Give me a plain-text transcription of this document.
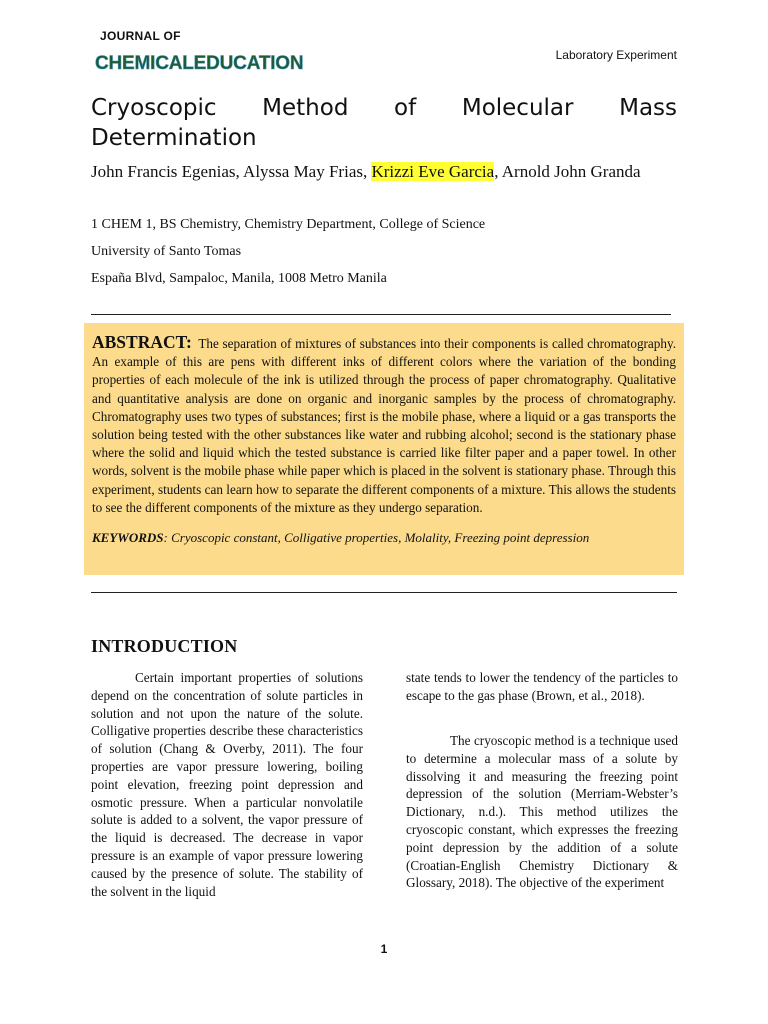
JOURNAL OF
CHEMICALEDUCATION	Laboratory Experiment
Cryoscopic Method of Molecular Mass Determination
John Francis Egenias, Alyssa May Frias, Krizzi Eve Garcia, Arnold John Granda
1 CHEM 1, BS Chemistry, Chemistry Department, College of Science
University of Santo Tomas
España Blvd, Sampaloc, Manila, 1008 Metro Manila

ABSTRACT: The separation of mixtures of substances into their components is called chromatography. An example of this are pens with different inks of different colors where the variation of the bonding properties of each molecule of the ink is utilized through the process of paper chromatography. Qualitative and quantitative analysis are done on organic and inorganic samples by the process of chromatography. Chromatography uses two types of substances; first is the mobile phase, where a liquid or a gas transports the solution being tested with the other substances like water and rubbing alcohol; second is the stationary phase where the solid and liquid which the tested substance is carried like filter paper and a paper towel. In other words, solvent is the mobile phase while paper which is placed in the solvent is stationary phase. Through this experiment, students can learn how to separate the different components of a mixture. This allows the students to see the different components of the mixture as they undergo separation.

KEYWORDS: Cryoscopic constant, Colligative properties, Molality, Freezing point depression

INTRODUCTION

Certain important properties of solutions depend on the concentration of solute particles in solution and not upon the nature of the solute. Colligative properties describe these characteristics of solution (Chang & Overby, 2011). The four properties are vapor pressure lowering, boiling point elevation, freezing point depression and osmotic pressure. When a particular nonvolatile solute is added to a solvent, the vapor pressure of the liquid is decreased. The decrease in vapor pressure is an example of vapor pressure lowering caused by the presence of solute. The stability of the solvent in the liquid

state tends to lower the tendency of the particles to escape to the gas phase (Brown, et al., 2018).

The cryoscopic method is a technique used to determine a molecular mass of a solute by dissolving it and measuring the freezing point depression of the solution (Merriam-Webster’s Dictionary, n.d.). This method utilizes the cryoscopic constant, which expresses the freezing point depression by the addition of a solute (Croatian-English Chemistry Dictionary & Glossary, 2018). The objective of the experiment

1
